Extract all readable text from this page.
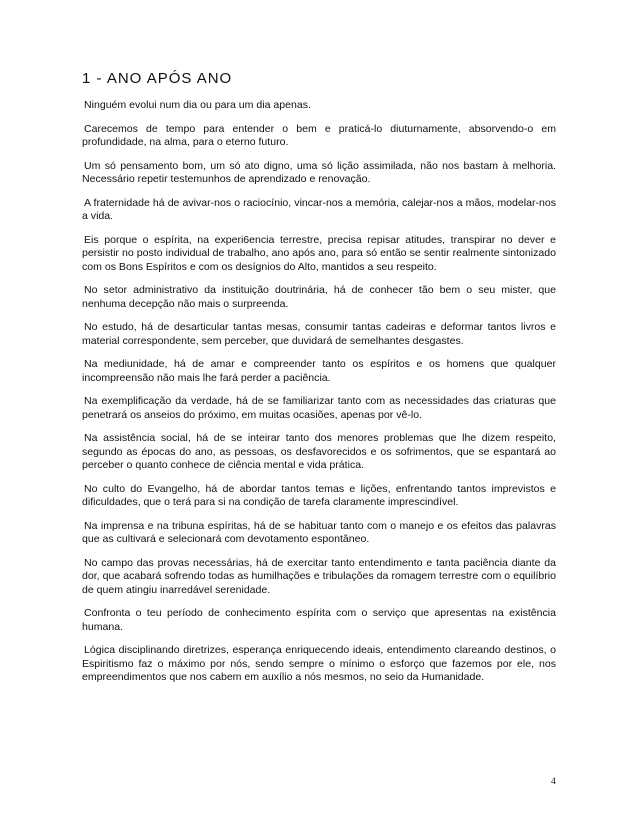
1 - ANO APÓS ANO

Ninguém evolui num dia ou para um dia apenas.

Carecemos de tempo para entender o bem e praticá-lo diuturnamente, absorvendo-o em profundidade, na alma, para o eterno futuro.

Um só pensamento bom, um só ato digno, uma só lição assimilada, não nos bastam à melhoria. Necessário repetir testemunhos de aprendizado e renovação.

A fraternidade há de avivar-nos o raciocínio, vincar-nos a memória, calejar-nos a mãos, modelar-nos a vida.

Eis porque o espírita, na experi6encia terrestre, precisa repisar atitudes, transpirar no dever e persistir no posto individual de trabalho, ano após ano, para só então se sentir realmente sintonizado com os Bons Espíritos e com os desígnios do Alto, mantidos a seu respeito.

No setor administrativo da instituição doutrinária, há de conhecer tão bem o seu mister, que nenhuma decepção não mais o surpreenda.

No estudo, há de desarticular tantas mesas, consumir tantas cadeiras e deformar tantos livros e material correspondente, sem perceber, que duvidará de semelhantes desgastes.

Na mediunidade, há de amar e compreender tanto os espíritos e os homens que qualquer incompreensão não mais lhe fará perder a paciência.

Na exemplificação da verdade, há de se familiarizar tanto com as necessidades das criaturas que penetrará os anseios do próximo, em muitas ocasiões, apenas por vê-lo.

Na assistência social, há de se inteirar tanto dos menores problemas que lhe dizem respeito, segundo as épocas do ano, as pessoas, os desfavorecidos e os sofrimentos, que se espantará ao perceber o quanto conhece de ciência mental e vida prática.

No culto do Evangelho, há de abordar tantos temas e lições, enfrentando tantos imprevistos e dificuldades, que o terá para si na condição de tarefa claramente imprescindível.

Na imprensa e na tribuna espíritas, há de se habituar tanto com o manejo e os efeitos das palavras que as cultivará e selecionará com devotamento espontâneo.

No campo das provas necessárias, há de exercitar tanto entendimento e tanta paciência diante da dor, que acabará sofrendo todas as humilhações e tribulações da romagem terrestre com o equilíbrio de quem atingiu inarredável serenidade.

Confronta o teu período de conhecimento espírita com o serviço que apresentas na existência humana.

Lógica disciplinando diretrizes, esperança enriquecendo ideais, entendimento clareando destinos, o Espiritismo faz o máximo por nós, sendo sempre o mínimo o esforço que fazemos por ele, nos empreendimentos que nos cabem em auxílio a nós mesmos, no seio da Humanidade.

4
